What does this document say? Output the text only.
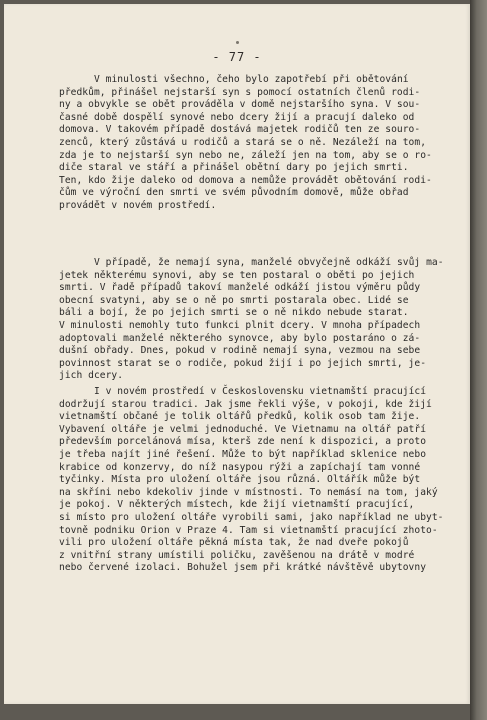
- 77 -
V minulosti všechno, čeho bylo zapotřebí při obětování
předkům, přinášel nejstarší syn s pomocí ostatních členů rodi-
ny a obvykle se obět prováděla v domě nejstaršího syna. V sou-
časné době dospělí synové nebo dcery žijí a pracují daleko od
domova. V takovém případě dostává majetek rodičů ten ze souro-
zenců, který zůstává u rodičů a stará se o ně. Nezáleží na tom,
zda je to nejstarší syn nebo ne, záleží jen na tom, aby se o ro-
diče staral ve stáří a přinášel obětní dary po jejich smrti.
Ten, kdo žije daleko od domova a nemůže provádět obětování rodi-
čům ve výroční den smrti ve svém původním domově, může obřad
provádět v novém prostředí.
V případě, že nemají syna, manželé obvyčejně odkáží svůj ma-
jetek některému synovi, aby se ten postaral o oběti po jejich
smrti. V řadě případů takoví manželé odkáží jistou výměru půdy
obecní svatyni, aby se o ně po smrti postarala obec. Lidé se
báli a bojí, že po jejich smrti se o ně nikdo nebude starat.
V minulosti nemohly tuto funkci plnit dcery. V mnoha případech
adoptovali manželé některého synovce, aby bylo postaráno o zá-
dušní obřady. Dnes, pokud v rodině nemají syna, vezmou na sebe
povinnost starat se o rodiče, pokud žijí i po jejich smrti, je-
jich dcery.
I v novém prostředí v Československu vietnamští pracující
dodržují starou tradici. Jak jsme řekli výše, v pokoji, kde žijí
vietnamští občané je tolik oltářů předků, kolik osob tam žije.
Vybavení oltáře je velmi jednoduché. Ve Vietnamu na oltář patří
především porcelánová mísa, kterš zde není k dispozici, a proto
je třeba najít jiné řešení. Může to být například sklenice nebo
krabice od konzervy, do níž nasypou rýži a zapíchají tam vonné
tyčinky. Místa pro uložení oltáře jsou různá. Oltářík může být
na skříni nebo kdekoliv jinde v místnosti. To nemásí na tom, jaký
je pokoj. V některých místech, kde žijí vietnamští pracující,
si místo pro uložení oltáře vyrobili sami, jako například ne ubyt-
tovně podniku Orion v Praze 4. Tam si vietnamští pracující zhoto-
vili pro uložení oltáře pěkná místa tak, že nad dveře pokojů
z vnitřní strany umístili poličku, zavěšenou na drátě v modré
nebo červené izolaci. Bohužel jsem při krátké návštěvě ubytovny
